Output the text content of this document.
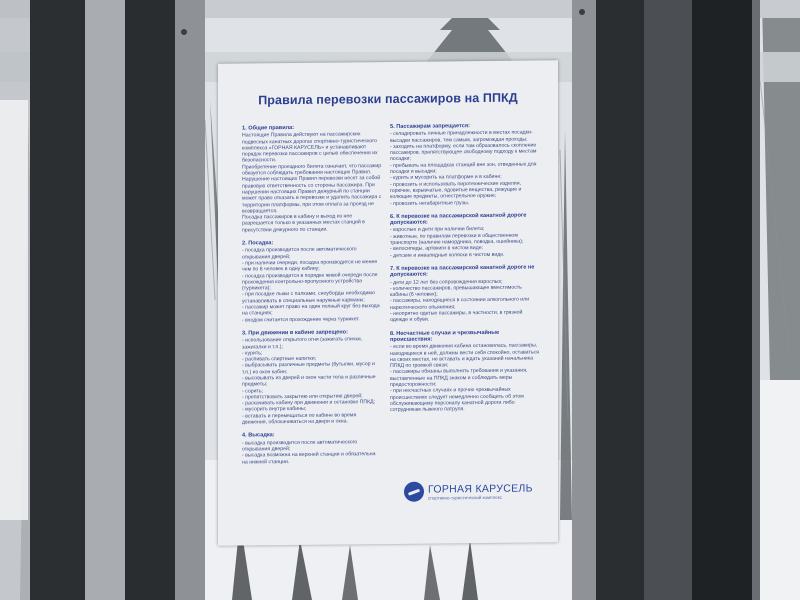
Правила перевозки пассажиров на ППКД
1. Общие правила:
Настоящие Правила действуют на пассажирских подвесных канатных дорогах спортивно-туристического комплекса «ГОРНАЯ КАРУСЕЛЬ» и устанавливают порядок перевозки пассажиров с целью обеспечения их безопасности.
Приобретение проездного билета означает, что пассажир обязуется соблюдать требования настоящих Правил. Нарушение настоящих Правил перевозки несет за собой правовую ответственность со стороны пассажира. При нарушении настоящих Правил дежурный по станции может право отказать в перевозке и удалить пассажира с территории платформы, при этом оплата за проезд не возвращается.
Посадка пассажиров в кабину и выход из нее разрешается только в указанных местах станций в присутствии дежурного по станции.
2. Посадка:
- посадка производится после автоматического открывания дверей;
- при наличии очереди, посадка производится не менее чем по 6 человек в одну кабину;
- посадка производится в порядке живой очереди после прохождения контрольно-пропускного устройства (турникета);
- при посадке лыжи с палками, сноуборды необходимо устанавливать в специальные наружные карманы;
- пассажир может право на один полный круг без выхода на станциях;
- входом считается прохождение через турникет.
3. При движении в кабине запрещено:
- использование открытого огня (зажигать спички, зажигалки и т.п.);
- курить;
- распивать спиртные напитки;
- выбрасывать различные предметы (бутылки, мусор и т.п.) из окон кабин;
- высовывать из дверей и окон части тела и различные предметы;
- сорить;
- препятствовать закрытию или открытию дверей;
- раскачивать кабину при движении и остановке ППКД;
- мусорить внутри кабины;
- вставать и перемещаться по кабине во время движения, облокачиваться на двери и окна.
4. Высадка:
- высадка производится после автоматического открывания дверей;
- высадка возможна на верхней станции и обязательна на нижней станции.
5. Пассажирам запрещается:
- складировать личные принадлежности в местах посадки-высадки пассажиров, тем самым, загромождая проходы;
- заходить на платформу, если там образовалось скопление пассажиров, препятствующее свободному подходу к местам посадки;
- пребывать на площадках станций вне зон, отведенных для посадки и высадки;
- курить и мусорить на платформе и в кабине;
- провозить и использовать пиротехнические изделия, горючие, взрывчатые, ядовитые вещества, режущие и колющие предметы, огнестрельное оружие;
- провозить негабаритные грузы.
6. К перевозке на пассажирской канатной дороге допускаются:
- взрослые и дети при наличии билета;
- животные, по правилам перевозки в общественном транспорте (наличие намордника, поводка, ошейника);
- велосипеды, артвкиги в чистом виде;
- детские и инвалидные коляски в чистом виде.
7. К перевозке на пассажирской канатной дороге не допускаются:
- дети до 12 лет без сопровождения взрослых;
- количество пассажиров, превышающее вместимость кабины (6 человек);
- пассажиры, находящиеся в состоянии алкогольного или наркотического опьянения;
- неопрятно одетые пассажиры, в частности, в грязной одежде и обуви.
8. Несчастные случаи и чрезвычайные происшествия:
- если во время движения кабина остановилась, пассажиры, находящиеся в ней, должны вести себя спокойно, оставаться на своих местах, не вставать и ждать указаний начальника ППКД по громкой связи;
- пассажиры обязаны выполнять требования и указания, выставленные на ППКД знаком и соблюдать меры предосторожности;
- при несчастных случаях и прочих чрезвычайных происшествиях следует немедленно сообщить об этом обслуживающему персоналу канатной дороги либо сотрудникам лыжного патруля.
ГОРНАЯ КАРУСЕЛЬ
спортивно-туристический комплекс
